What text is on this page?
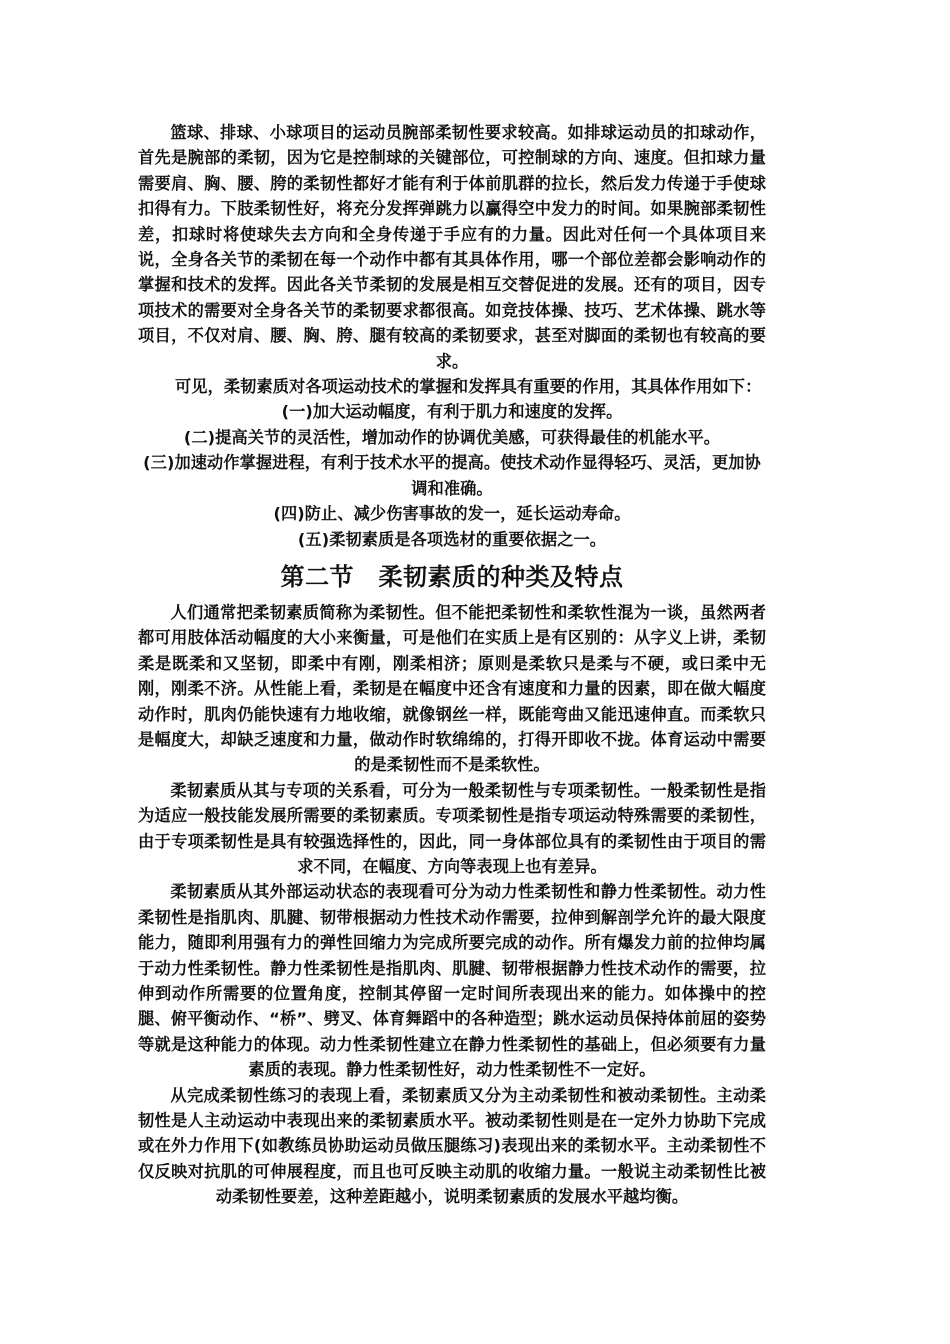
篮球、排球、小球项目的运动员腕部柔韧性要求较高。如排球运动员的扣球动作，首先是腕部的柔韧，因为它是控制球的关键部位，可控制球的方向、速度。但扣球力量需要肩、胸、腰、胯的柔韧性都好才能有利于体前肌群的拉长，然后发力传递于手使球扣得有力。下肢柔韧性好，将充分发挥弹跳力以赢得空中发力的时间。如果腕部柔韧性差，扣球时将使球失去方向和全身传递于手应有的力量。因此对任何一个具体项目来说，全身各关节的柔韧在每一个动作中都有其具体作用，哪一个部位差都会影响动作的掌握和技术的发挥。因此各关节柔韧的发展是相互交替促进的发展。还有的项目，因专项技术的需要对全身各关节的柔韧要求都很高。如竞技体操、技巧、艺术体操、跳水等项目，不仅对肩、腰、胸、胯、腿有较高的柔韧要求，甚至对脚面的柔韧也有较高的要求。

可见，柔韧素质对各项运动技术的掌握和发挥具有重要的作用，其具体作用如下：

(一)加大运动幅度，有利于肌力和速度的发挥。

(二)提高关节的灵活性，增加动作的协调优美感，可获得最佳的机能水平。

(三)加速动作掌握进程，有利于技术水平的提高。使技术动作显得轻巧、灵活，更加协调和准确。

(四)防止、减少伤害事故的发一，延长运动寿命。

(五)柔韧素质是各项选材的重要依据之一。

第二节　柔韧素质的种类及特点

人们通常把柔韧素质简称为柔韧性。但不能把柔韧性和柔软性混为一谈，虽然两者都可用肢体活动幅度的大小来衡量，可是他们在实质上是有区别的：从字义上讲，柔韧柔是既柔和又坚韧，即柔中有刚，刚柔相济；原则是柔软只是柔与不硬，或曰柔中无刚，刚柔不济。从性能上看，柔韧是在幅度中还含有速度和力量的因素，即在做大幅度动作时，肌肉仍能快速有力地收缩，就像钢丝一样，既能弯曲又能迅速伸直。而柔软只是幅度大，却缺乏速度和力量，做动作时软绵绵的，打得开即收不拢。体育运动中需要的是柔韧性而不是柔软性。

柔韧素质从其与专项的关系看，可分为一般柔韧性与专项柔韧性。一般柔韧性是指为适应一般技能发展所需要的柔韧素质。专项柔韧性是指专项运动特殊需要的柔韧性，由于专项柔韧性是具有较强选择性的，因此，同一身体部位具有的柔韧性由于项目的需求不同，在幅度、方向等表现上也有差异。

柔韧素质从其外部运动状态的表现看可分为动力性柔韧性和静力性柔韧性。动力性柔韧性是指肌肉、肌腱、韧带根据动力性技术动作需要，拉伸到解剖学允许的最大限度能力，随即利用强有力的弹性回缩力为完成所要完成的动作。所有爆发力前的拉伸均属于动力性柔韧性。静力性柔韧性是指肌肉、肌腱、韧带根据静力性技术动作的需要，拉伸到动作所需要的位置角度，控制其停留一定时间所表现出来的能力。如体操中的控腿、俯平衡动作、“桥”、劈叉、体育舞蹈中的各种造型；跳水运动员保持体前屈的姿势等就是这种能力的体现。动力性柔韧性建立在静力性柔韧性的基础上，但必须要有力量素质的表现。静力性柔韧性好，动力性柔韧性不一定好。

从完成柔韧性练习的表现上看，柔韧素质又分为主动柔韧性和被动柔韧性。主动柔韧性是人主动运动中表现出来的柔韧素质水平。被动柔韧性则是在一定外力协助下完成或在外力作用下(如教练员协助运动员做压腿练习)表现出来的柔韧水平。主动柔韧性不仅反映对抗肌的可伸展程度，而且也可反映主动肌的收缩力量。一般说主动柔韧性比被动柔韧性要差，这种差距越小，说明柔韧素质的发展水平越均衡。
